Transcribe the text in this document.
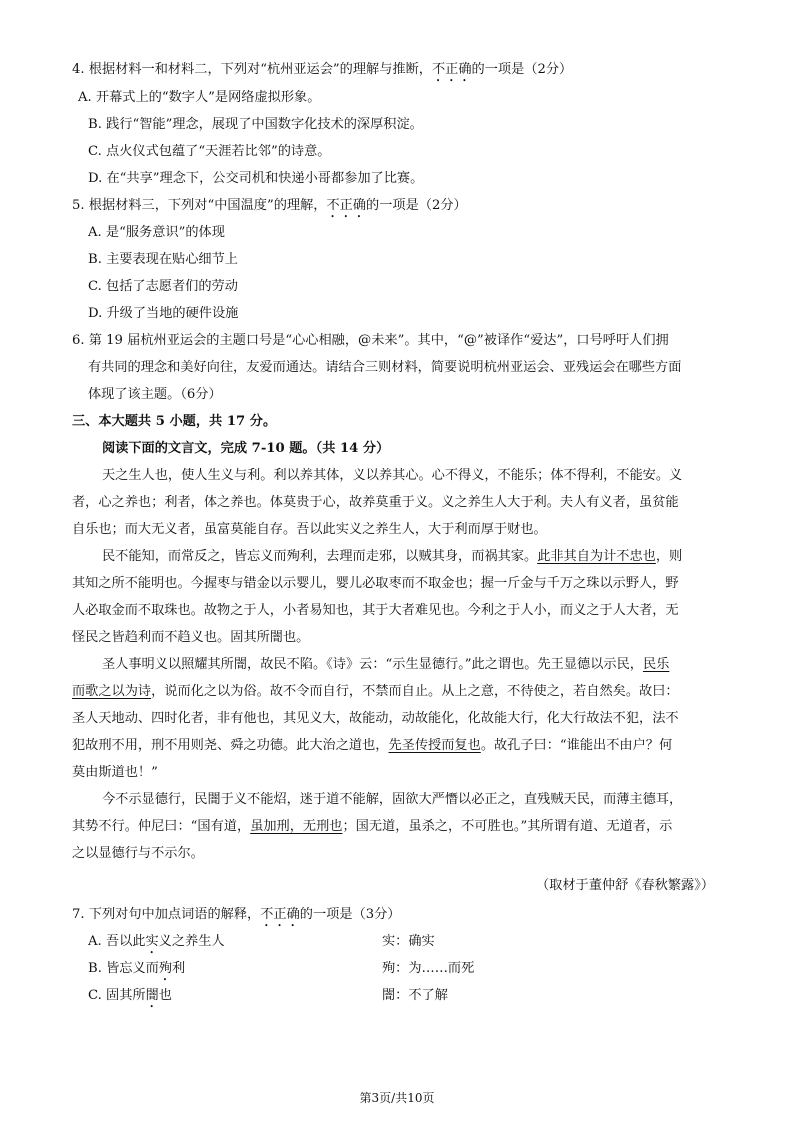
4. 根据材料一和材料二，下列对“杭州亚运会”的理解与推断，不正确的一项是（2分）
A. 开幕式上的“数字人”是网络虚拟形象。
B. 践行“智能”理念，展现了中国数字化技术的深厚积淀。
C. 点火仪式包蕴了“天涯若比邻”的诗意。
D. 在“共享”理念下，公交司机和快递小哥都参加了比赛。
5. 根据材料三，下列对“中国温度”的理解，不正确的一项是（2分）
A. 是“服务意识”的体现
B. 主要表现在贴心细节上
C. 包括了志愿者们的劳动
D. 升级了当地的硬件设施
6. 第 19 届杭州亚运会的主题口号是“心心相融，@未来”。其中，“@”被译作“爱达”，口号呼吁人们拥
有共同的理念和美好向往，友爱而通达。请结合三则材料，简要说明杭州亚运会、亚残运会在哪些方面
体现了该主题。（6分）
三、本大题共 5 小题，共 17 分。
阅读下面的文言文，完成 7-10 题。（共 14 分）
天之生人也，使人生义与利。利以养其体，义以养其心。心不得义，不能乐；体不得利，不能安。义
者，心之养也；利者，体之养也。体莫贵于心，故养莫重于义。义之养生人大于利。夫人有义者，虽贫能
自乐也；而大无义者，虽富莫能自存。吾以此实义之养生人，大于利而厚于财也。
民不能知，而常反之，皆忘义而殉利，去理而走邪，以贼其身，而祸其家。此非其自为计不忠也，则
其知之所不能明也。今握枣与错金以示婴儿，婴儿必取枣而不取金也；握一斤金与千万之珠以示野人，野
人必取金而不取珠也。故物之于人，小者易知也，其于大者难见也。今利之于人小，而义之于人大者，无
怪民之皆趋利而不趋义也。固其所闇也。
圣人事明义以照耀其所闇，故民不陷。《诗》云：“示生显德行。”此之谓也。先王显德以示民，民乐
而歌之以为诗，说而化之以为俗。故不令而自行，不禁而自止。从上之意，不待使之，若自然矣。故曰：
圣人天地动、四时化者，非有他也，其见义大，故能动，动故能化，化故能大行，化大行故法不犯，法不
犯故刑不用，刑不用则尧、舜之功德。此大治之道也，先圣传授而复也。故孔子曰：“谁能出不由户？何
莫由斯道也！”
今不示显德行，民闇于义不能炤，迷于道不能解，固欲大严憯以必正之，直残贼天民，而薄主德耳，
其势不行。仲尼曰：“国有道，虽加刑，无刑也；国无道，虽杀之，不可胜也。”其所谓有道、无道者，示
之以显德行与不示尔。
（取材于董仲舒《春秋繁露》）
7. 下列对句中加点词语的解释，不正确的一项是（3分）
A. 吾以此实义之养生人	实：确实
B. 皆忘义而殉利	殉：为……而死
C. 固其所闇也	闇：不了解
第3页/共10页
